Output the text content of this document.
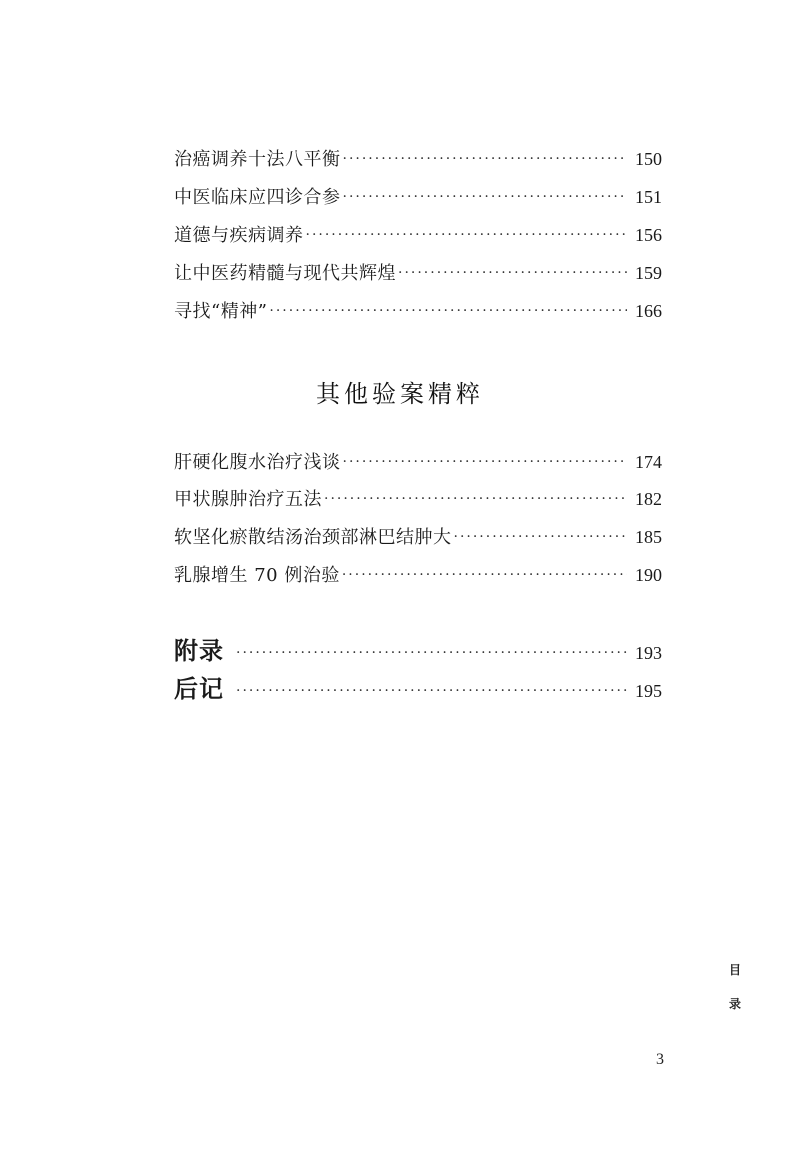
治癌调养十法八平衡 ·····	150
中医临床应四诊合参 ·····	151
道德与疾病调养 ·····	156
让中医药精髓与现代共辉煌 ·····	159
寻找“精神” ·····	166
其他验案精粹
肝硬化腹水治疗浅谈 ·····	174
甲状腺肿治疗五法 ·····	182
软坚化瘀散结汤治颈部淋巴结肿大 ·····	185
乳腺增生 70 例治验 ·····	190
附录 ·····	193
后记 ·····	195
目
录
3
